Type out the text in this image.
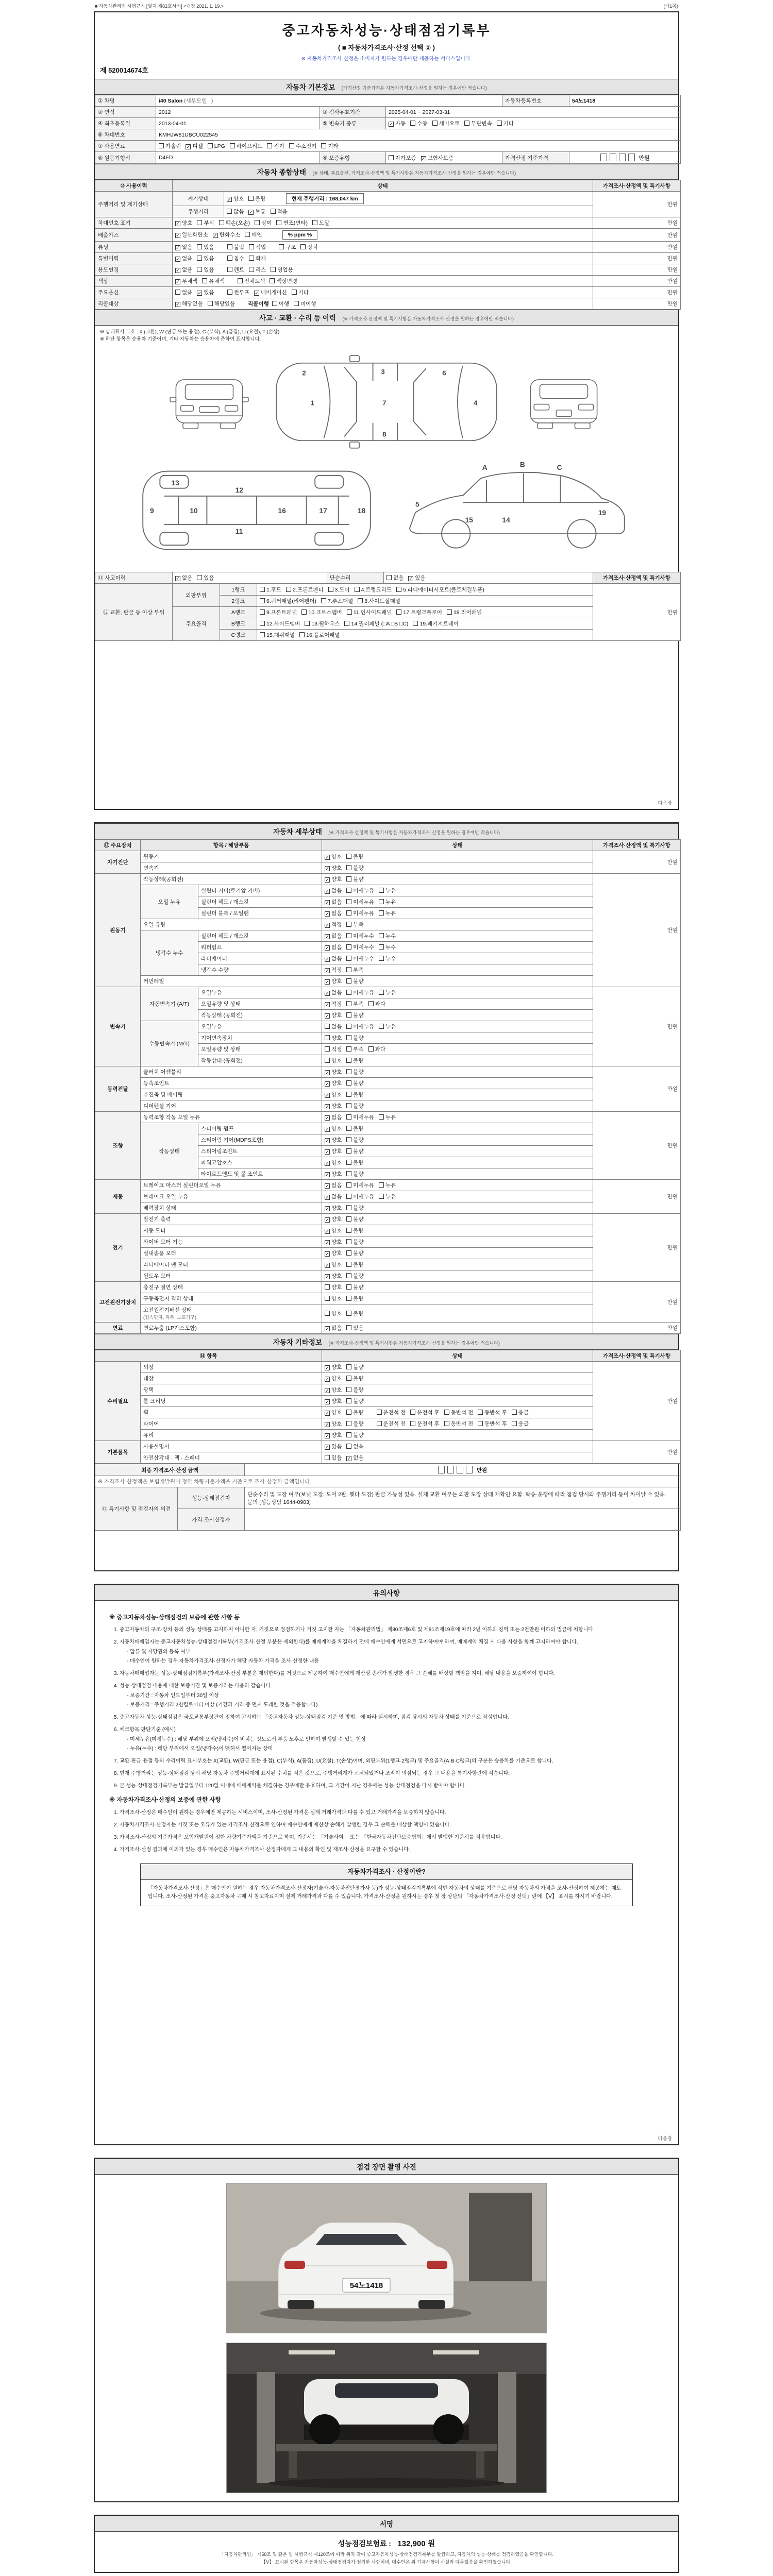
■ 자동차관리법 시행규칙 [별지 제82호서식] <개정 2021. 1. 19.>	(제1쪽)
중고자동차성능·상태점검기록부
( ■ 자동차가격조사·산정 선택 ① )
※ 자동차가격조사·산정은 소비자가 원하는 경우에만 제공하는 서비스입니다.
제 520014674호
자동차 기본정보 (가격산정 기준가격은 자동차가격조사·산정을 원하는 경우에만 적습니다)
① 차명	i40 Salon (세부모델 : )			자동차등록번호	54노1418
② 연식	2012	③ 검사유효기간	2025-04-01 ~ 2027-03-31		
④ 최초등록일	2013-04-01	⑤ 변속기 종류	✓ 자동 수동 세미오토 무단변속 기타		
⑥ 차대번호	KMHJW81UBCU022545				
⑦ 사용연료	가솔린 ✓ 디젤 LPG 하이브리드 전기 수소전기 기타				
⑧ 원동기형식	D4FD	⑨ 보증유형	자가보증 ✓ 보험사보증	가격산정 기준가격	만원
자동차 종합상태 (※ 상태, 주요옵션, 가격조사·산정액 및 특기사항은 자동차가격조사·산정을 원하는 경우에만 적습니다)
⑩ 사용이력	상태		가격조사·산정액 및 특기사항
주행거리 및 계기상태	계기상태	✓ 양호 불량 현재 주행거리 : 168,047 km	만원
	주행거리	많음 ✓ 보통 적음	
차대번호 표기	✓ 양호 부식 훼손(오손) 상이 변조(변타) 도말		만원
배출가스	✓ 일산화탄소 ✓ 탄화수소 매연 % ppm %		만원
튜닝	✓ 없음 있음 불법 적법 구조 장치		만원
특별이력	✓ 없음 있음 침수 화재		만원
용도변경	✓ 없음 있음 렌트 리스 영업용		만원
색상	✓ 무채색 유채색 전체도색 색상변경		만원
주요옵션	없음 ✓ 있음 썬루프 ✓ 네비게이션 기타		만원
리콜대상	✓ 해당없음 해당있음 리콜이행 이행 미이행		만원
사고 · 교환 · 수리 등 이력 (※ 가격조사·산정액 및 특기사항은 자동차가격조사·산정을 원하는 경우에만 적습니다)
※ 상태표시 부호 : X (교환), W (판금 또는 용접), C (부식), A (흠집), U (요철), T (손상)
※ 하단 항목은 승용차 기준이며, 기타 자동차는 승용차에 준하여 표시합니다.
1
2	3
4
6
7
8
9	10
12
13
16	17	18
11
A	B	C
15
19
14
5
⑪ 사고이력	✓ 없음 있음	단순수리	없음 ✓ 있음	가격조사·산정액 및 특기사항
⑫ 교환, 판금 등 이상 부위	외판부위	1랭크	1.후드 2.프론트펜더 3.도어 4.트렁크리드 5.라디에이터서포트(볼트체결부품)	만원
		2랭크	6.쿼터패널(리어펜더) 7.루프패널 8.사이드실패널	
	주요골격	A랭크	9.프론트패널 10.크로스멤버 11.인사이드패널 17.트렁크플로어 18.리어패널	
		B랭크	12.사이드멤버 13.휠하우스 14.필러패널 (□A □B □C) 19.패키지트레이	
		C랭크	15.대쉬패널 16.플로어패널	
다음장
자동차 세부상태 (※ 가격조사·산정액 및 특기사항은 자동차가격조사·산정을 원하는 경우에만 적습니다)
⑬ 주요장치	항목 / 해당부품		상태	가격조사·산정액 및 특기사항
자기진단	원동기		✓ 양호 불량	만원
	변속기		✓ 양호 불량	
원동기	작동상태(공회전)		✓ 양호 불량	만원
	오일 누유	실린더 커버(로커암 커버)	✓ 없음 미세누유 누유	
		실린더 헤드 / 개스킷	✓ 없음 미세누유 누유	
		실린더 블록 / 오일팬	✓ 없음 미세누유 누유	
	오일 유량		✓ 적정 부족	
	냉각수 누수	실린더 헤드 / 개스킷	✓ 없음 미세누수 누수	
		워터펌프	✓ 없음 미세누수 누수	
		라디에이터	✓ 없음 미세누수 누수	
		냉각수 수량	✓ 적정 부족	
	커먼레일		✓ 양호 불량	
변속기	자동변속기 (A/T)	오일누유	✓ 없음 미세누유 누유	만원
		오일유량 및 상태	✓ 적정 부족 과다	
		작동상태 (공회전)	✓ 양호 불량	
	수동변속기 (M/T)	오일누유	없음 미세누유 누유	
		기어변속장치	양호 불량	
		오일유량 및 상태	적정 부족 과다	
		작동상태 (공회전)	양호 불량	
동력전달	클러치 어셈블리		✓ 양호 불량	만원
	등속조인트		✓ 양호 불량	
	추진축 및 베어링		✓ 양호 불량	
	디퍼렌셜 기어		✓ 양호 불량	
조향	동력조향 작동 오일 누유		✓ 없음 미세누유 누유	만원
	작동상태	스티어링 펌프	✓ 양호 불량	
		스티어링 기어(MDPS포함)	✓ 양호 불량	
		스티어링조인트	✓ 양호 불량	
		파워고압호스	✓ 양호 불량	
		타이로드엔드 및 볼 조인트	✓ 양호 불량	
제동	브레이크 마스터 실린더오일 누유		✓ 없음 미세누유 누유	만원
	브레이크 오일 누유		✓ 없음 미세누유 누유	
	배력장치 상태		✓ 양호 불량	
전기	발전기 출력		✓ 양호 불량	만원
	시동 모터		✓ 양호 불량	
	와이퍼 모터 기능		✓ 양호 불량	
	실내송풍 모터		✓ 양호 불량	
	라디에이터 팬 모터		✓ 양호 불량	
	윈도우 모터		✓ 양호 불량	
고전원전기장치	충전구 절연 상태		양호 불량	만원
	구동축전지 격리 상태		양호 불량	
	고전원전기배선 상태
(접속단자, 피복, 보호기구)		양호 불량	
연료	연료누출 (LP가스포함)		✓ 없음 있음	만원
자동차 기타정보 (※ 가격조사·산정액 및 특기사항은 자동차가격조사·산정을 원하는 경우에만 적습니다)
⑭ 항목		상태	가격조사·산정액 및 특기사항
수리필요	외장	✓ 양호 불량	만원
	내장	✓ 양호 불량	
	광택	✓ 양호 불량	
	룸 크리닝	✓ 양호 불량	
	휠	✓ 양호 불량 운전석 전 운전석 후 동반석 전 동반석 후 응급	
	타이어	✓ 양호 불량 운전석 전 운전석 후 동반석 전 동반석 후 응급	
	유리	✓ 양호 불량	
기본품목	사용설명서	✓ 있음 없음	만원
	안전삼각대 · 잭 · 스패너	있음 ✓ 없음	
최종 가격조사·산정 금액		만원
※ 가격조사·산정액은 보험개발원이 정한 차량기준가액을 기준으로 조사·산정한 금액입니다.		
⑮ 특기사항 및 점검자의 의견	성능·상태점검자	단순수리 및 도장 여부(보닛 도장, 도어 2판, 휀다 도장) 판금 가능성 있음. 실제 교환 여부는 외판 도장 상태 재확인 요함. 탁송·운행에 따라 점검 당시와 주행거리 등이 차이날 수 있음. 문의 [성능상담 1644-0903]
	가격·조사산정자	
유의사항
※ 중고자동차성능·상태점검의 보증에 관한 사항 등
1. 중고자동차의 구조·장치 등의 성능·상태를 고지하지 아니한 자, 거짓으로 점검하거나 거짓 고지한 자는 「자동차관리법」 제80조제6호 및 제81조제19호에 따라 2년 이하의 징역 또는 2천만원 이하의 벌금에 처합니다.
2. 자동차매매업자는 중고자동차성능·상태점검기록부(가격조사·산정 부분은 제외한다)를 매매계약을 체결하기 전에 매수인에게 서면으로 고지하여야 하며, 매매계약 체결 시 다음 사항을 함께 고지하여야 합니다.
- 압류 및 저당권의 등록 여부
- 매수인이 원하는 경우 자동차가격조사·산정자가 해당 자동차 가격을 조사·산정한 내용
3. 자동차매매업자는 성능·상태점검기록부(가격조사·산정 부분은 제외한다)를 거짓으로 제공하여 매수인에게 재산상 손해가 발생한 경우 그 손해를 배상할 책임을 지며, 해당 내용을 보증하여야 합니다.
4. 성능·상태점검 내용에 대한 보증기간 및 보증거리는 다음과 같습니다.
- 보증기간 : 자동차 인도일부터 30일 이상
- 보증거리 : 주행거리 2천킬로미터 이상 (기간과 거리 중 먼저 도래한 것을 적용합니다)
5. 중고자동차 성능·상태점검은 국토교통부장관이 정하여 고시하는 「중고자동차 성능·상태점검 기준 및 방법」에 따라 실시하며, 점검 당시의 자동차 상태를 기준으로 작성합니다.
6. 체크항목 판단기준 (예시)
- 미세누유(미세누수) : 해당 부위에 오일(냉각수)이 비치는 정도로서 부품 노후로 인하여 발생할 수 있는 현상
- 누유(누수) : 해당 부위에서 오일(냉각수)이 맺혀서 떨어지는 상태
7. 교환·판금·용접 등의 수리이력 표시부호는 X(교환), W(판금 또는 용접), C(부식), A(흠집), U(요철), T(손상)이며, 외판부위(1랭크·2랭크) 및 주요골격(A·B·C랭크)의 구분은 승용차를 기준으로 합니다.
8. 현재 주행거리는 성능·상태점검 당시 해당 자동차 주행거리계에 표시된 수치를 적은 것으로, 주행거리계가 교체되었거나 조작이 의심되는 경우 그 내용을 특기사항란에 적습니다.
9. 본 성능·상태점검기록부는 발급일부터 120일 이내에 매매계약을 체결하는 경우에만 유효하며, 그 기간이 지난 경우에는 성능·상태점검을 다시 받아야 합니다.
※ 자동차가격조사·산정의 보증에 관한 사항
1. 가격조사·산정은 매수인이 원하는 경우에만 제공하는 서비스이며, 조사·산정된 가격은 실제 거래가격과 다를 수 있고 거래가격을 보증하지 않습니다.
2. 자동차가격조사·산정자는 거짓 또는 오류가 있는 가격조사·산정으로 인하여 매수인에게 재산상 손해가 발생한 경우 그 손해를 배상할 책임이 있습니다.
3. 가격조사·산정의 기준가격은 보험개발원이 정한 차량기준가액을 기준으로 하며, 기준서는 「기술사회」 또는 「한국자동차진단보증협회」에서 발행한 기준서를 적용합니다.
4. 가격조사·산정 결과에 이의가 있는 경우 매수인은 자동차가격조사·산정자에게 그 내용의 확인 및 재조사·산정을 요구할 수 있습니다.
자동차가격조사 · 산정이란?
「자동차가격조사·산정」은 매수인이 원하는 경우 자동차가격조사·산정자(기술사·자동차진단평가사 등)가 성능·상태점검기록부에 적힌 자동차의 상태를 기준으로 해당 자동차의 가격을 조사·산정하여 제공하는 제도입니다. 조사·산정된 가격은 중고자동차 구매 시 참고자료이며 실제 거래가격과 다를 수 있습니다. 가격조사·산정을 원하시는 경우 첫 장 상단의 「자동차가격조사·산정 선택」란에 【V】 표시를 하시기 바랍니다.
다음장
점검 장면 촬영 사진
54노1418
서명
성능점검보험료 : 132,900 원
「자동차관리법」 제58조 및 같은 법 시행규칙 제120조에 따라 위와 같이 중고자동차성능·상태점검기록부를 발급하고, 자동차의 성능·상태를 점검하였음을 확인합니다.
【V】 표시된 항목은 자동차성능·상태점검자가 점검한 사항이며, 매수인은 위 기재사항이 사실과 다름없음을 확인하였습니다.
